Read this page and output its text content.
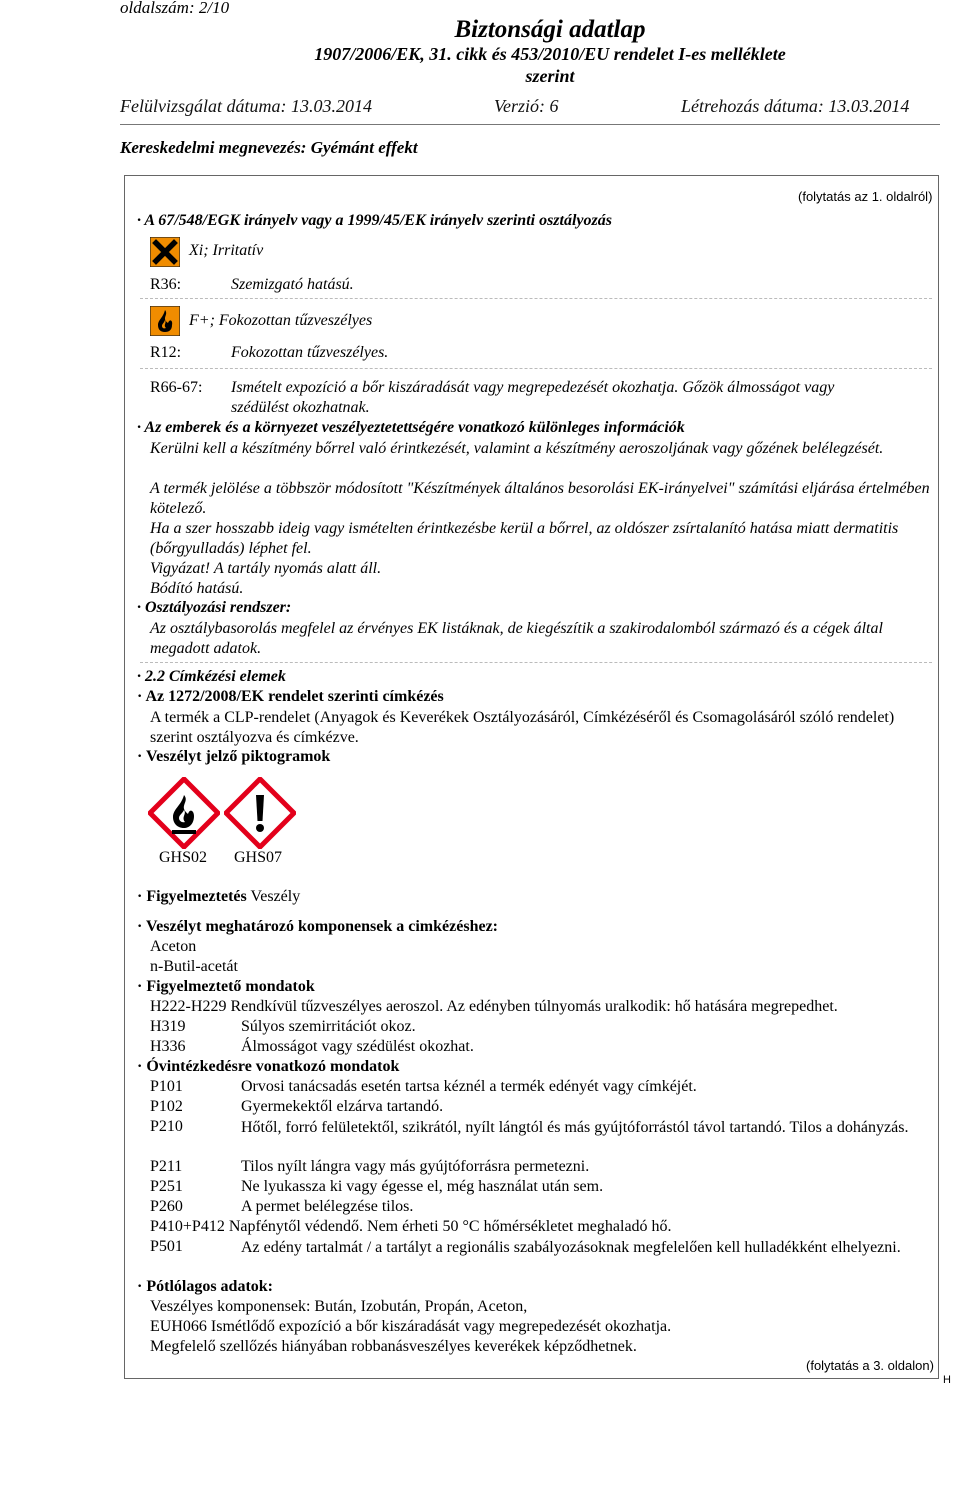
oldalszám: 2/10
Biztonsági adatlap
1907/2006/EK, 31. cikk és 453/2010/EU rendelet I-es melléklete
szerint
Felülvizsgálat dátuma: 13.03.2014	Verzió: 6	Létrehozás dátuma: 13.03.2014
Kereskedelmi megnevezés: Gyémánt effekt
(folytatás az 1. oldalról)
· A 67/548/EGK irányelv vagy a 1999/45/EK irányelv szerinti osztályozás
Xi; Irritatív
R36:	Szemizgató hatású.
F+; Fokozottan tűzveszélyes
R12:	Fokozottan tűzveszélyes.
R66-67: Ismételt expozíció a bőr kiszáradását vagy megrepedezését okozhatja. Gőzök álmosságot vagy
szédülést okozhatnak.
· Az emberek és a környezet veszélyeztetettségére vonatkozó különleges információk
Kerülni kell a készítmény bőrrel való érintkezését, valamint a készítmény aeroszoljának vagy gőzének belélegzését.
A termék jelölése a többször módosított "Készítmények általános besorolási EK-irányelvei" számítási eljárása értelmében kötelező.
Ha a szer hosszabb ideig vagy ismételten érintkezésbe kerül a bőrrel, az oldószer zsírtalanító hatása miatt dermatitis (bőrgyulladás) léphet fel.
Vigyázat! A tartály nyomás alatt áll.
Bódító hatású.
· Osztályozási rendszer:
Az osztálybasorolás megfelel az érvényes EK listáknak, de kiegészítik a szakirodalomból származó és a cégek által megadott adatok.
· 2.2 Címkézési elemek
· Az 1272/2008/EK rendelet szerinti címkézés
A termék a CLP-rendelet (Anyagok és Keverékek Osztályozásáról, Címkézéséről és Csomagolásáról szóló rendelet) szerint osztályozva és címkézve.
· Veszélyt jelző piktogramok
GHS02 GHS07
· Figyelmeztetés Veszély
· Veszélyt meghatározó komponensek a cimkézéshez:
Aceton
n-Butil-acetát
· Figyelmeztető mondatok
H222-H229 Rendkívül tűzveszélyes aeroszol. Az edényben túlnyomás uralkodik: hő hatására megrepedhet.
H319	Súlyos szemirritációt okoz.
H336	Álmosságot vagy szédülést okozhat.
· Óvintézkedésre vonatkozó mondatok
P101	Orvosi tanácsadás esetén tartsa kéznél a termék edényét vagy címkéjét.
P102	Gyermekektől elzárva tartandó.
P210	Hőtől, forró felületektől, szikrától, nyílt lángtól és más gyújtóforrástól távol tartandó. Tilos a dohányzás.
P211	Tilos nyílt lángra vagy más gyújtóforrásra permetezni.
P251	Ne lyukassza ki vagy égesse el, még használat után sem.
P260	A permet belélegzése tilos.
P410+P412 Napfénytől védendő. Nem érheti 50 °C hőmérsékletet meghaladó hő.
P501	Az edény tartalmát / a tartályt a regionális szabályozásoknak megfelelően kell hulladékként elhelyezni.
· Pótlólagos adatok:
Veszélyes komponensek: Bután, Izobután, Propán, Aceton,
EUH066 Ismétlődő expozíció a bőr kiszáradását vagy megrepedezését okozhatja.
Megfelelő szellőzés hiányában robbanásveszélyes keverékek képződhetnek.
(folytatás a 3. oldalon)
H
